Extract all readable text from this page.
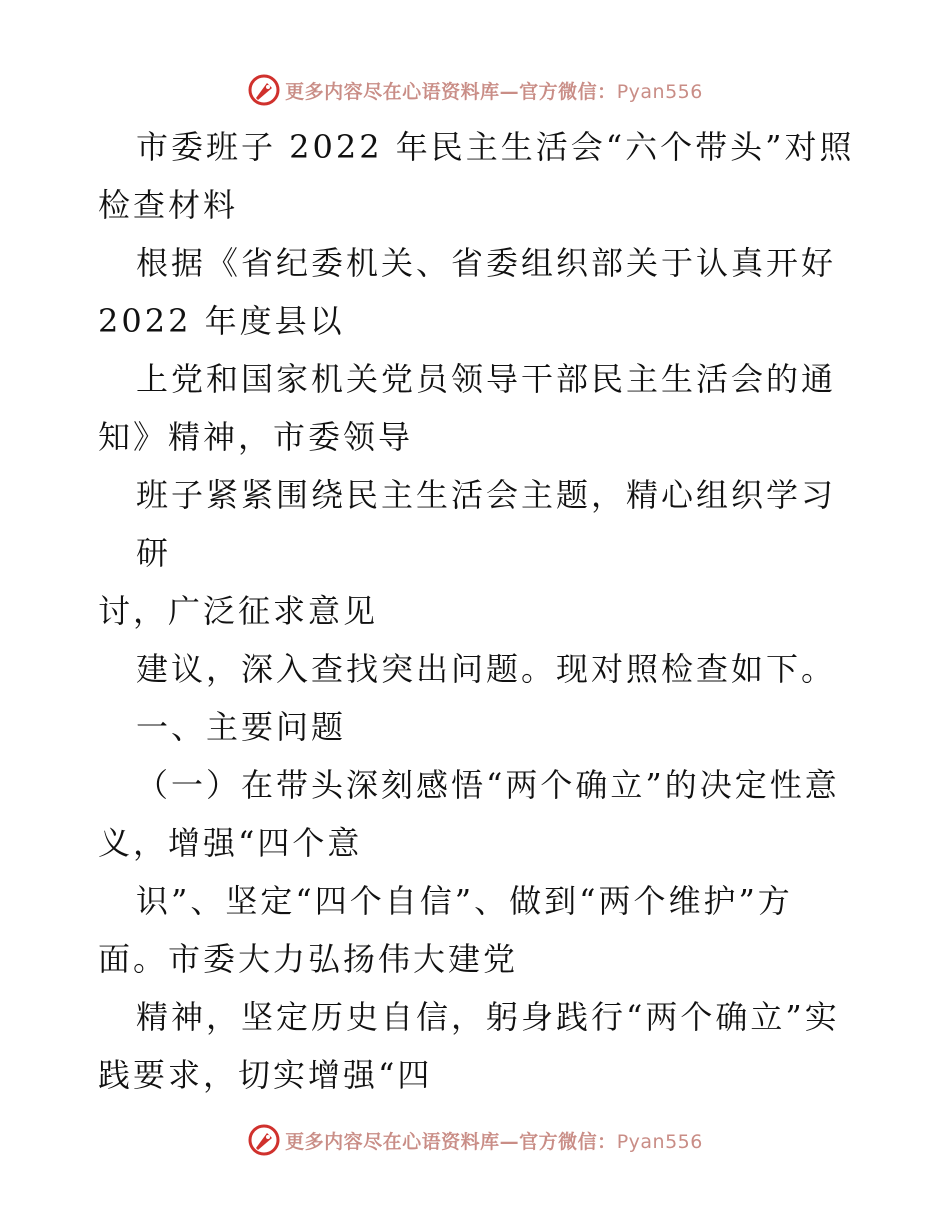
更多内容尽在心语资料库—官方微信：Pyan556

市委班子 2022 年民主生活会“六个带头”对照
检查材料

根据《省纪委机关、省委组织部关于认真开好
2022 年度县以

上党和国家机关党员领导干部民主生活会的通
知》精神，市委领导

班子紧紧围绕民主生活会主题，精心组织学习研
讨，广泛征求意见

建议，深入查找突出问题。现对照检查如下。

一、主要问题

（一）在带头深刻感悟“两个确立”的决定性意
义，增强“四个意

识”、坚定“四个自信”、做到“两个维护”方
面。市委大力弘扬伟大建党

精神，坚定历史自信，躬身践行“两个确立”实
践要求，切实增强“四

更多内容尽在心语资料库—官方微信：Pyan556
